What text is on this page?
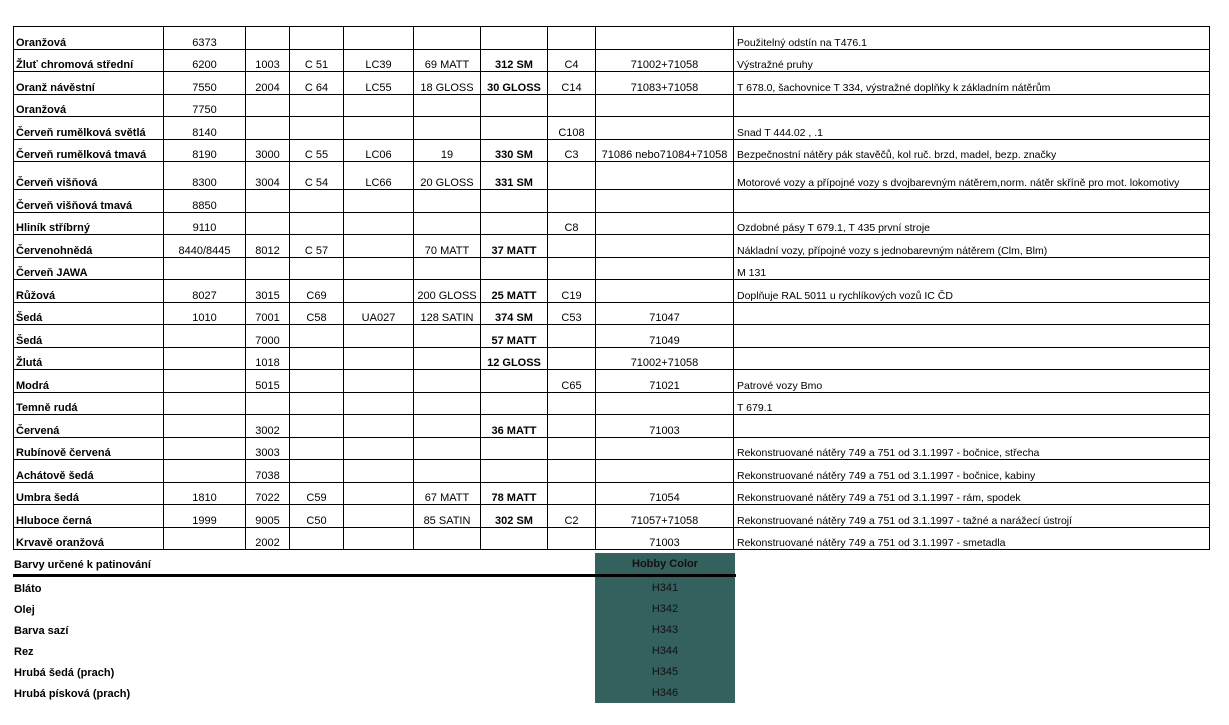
Oranžová	6373								Použitelný odstín na T476.1
Žluť chromová střední	6200	1003	C 51	LC39	69 MATT	312 SM	C4	71002+71058	Výstražné pruhy
Oranž návěstní	7550	2004	C 64	LC55	18 GLOSS	30 GLOSS	C14	71083+71058	T 678.0, šachovnice T 334, výstražné doplňky k základním nátěrům
Oranžová	7750								
Červeň rumělková světlá	8140						C108		Snad T 444.02 , .1
Červeň rumělková tmavá	8190	3000	C 55	LC06	19	330 SM	C3	71086 nebo71084+71058	Bezpečnostní nátěry pák stavěčů, kol ruč. brzd, madel, bezp. značky
Červeň višňová	8300	3004	C 54	LC66	20 GLOSS	331 SM			Motorové vozy a přípojné vozy s dvojbarevným nátěrem,norm. nátěr skříně pro mot. lokomotivy
Červeň višňová tmavá	8850								
Hliník stříbrný	9110						C8		Ozdobné pásy T 679.1, T 435 první stroje
Červenohnědá	8440/8445	8012	C 57		70 MATT	37 MATT			Nákladní vozy, přípojné vozy s jednobarevným nátěrem (Clm, Blm)
Červeň JAWA									M 131
Růžová	8027	3015	C69		200 GLOSS	25 MATT	C19		Doplňuje RAL 5011 u rychlíkových vozů IC ČD
Šedá	1010	7001	C58	UA027	128 SATIN	374 SM	C53	71047	
Šedá		7000				57 MATT		71049	
Žlutá		1018				12 GLOSS		71002+71058	
Modrá		5015					C65	71021	Patrové vozy Bmo
Temně rudá									T 679.1
Červená		3002				36 MATT		71003	
Rubínově červená		3003							Rekonstruované nátěry 749 a 751 od 3.1.1997 - bočnice, střecha
Achátově šedá		7038							Rekonstruované nátěry 749 a 751 od 3.1.1997 - bočnice, kabiny
Umbra šedá	1810	7022	C59		67 MATT	78 MATT		71054	Rekonstruované nátěry 749 a 751 od 3.1.1997 - rám, spodek
Hluboce černá	1999	9005	C50		85 SATIN	302 SM	C2	71057+71058	Rekonstruované nátěry 749 a 751 od 3.1.1997 - tažné a narážecí ústrojí
Krvavě oranžová		2002						71003	Rekonstruované nátěry 749 a 751 od 3.1.1997 - smetadla
Barvy určené k patinování	Hobby Color
Bláto	H341
Olej	H342
Barva sazí	H343
Rez	H344
Hrubá šedá (prach)	H345
Hrubá písková (prach)	H346
